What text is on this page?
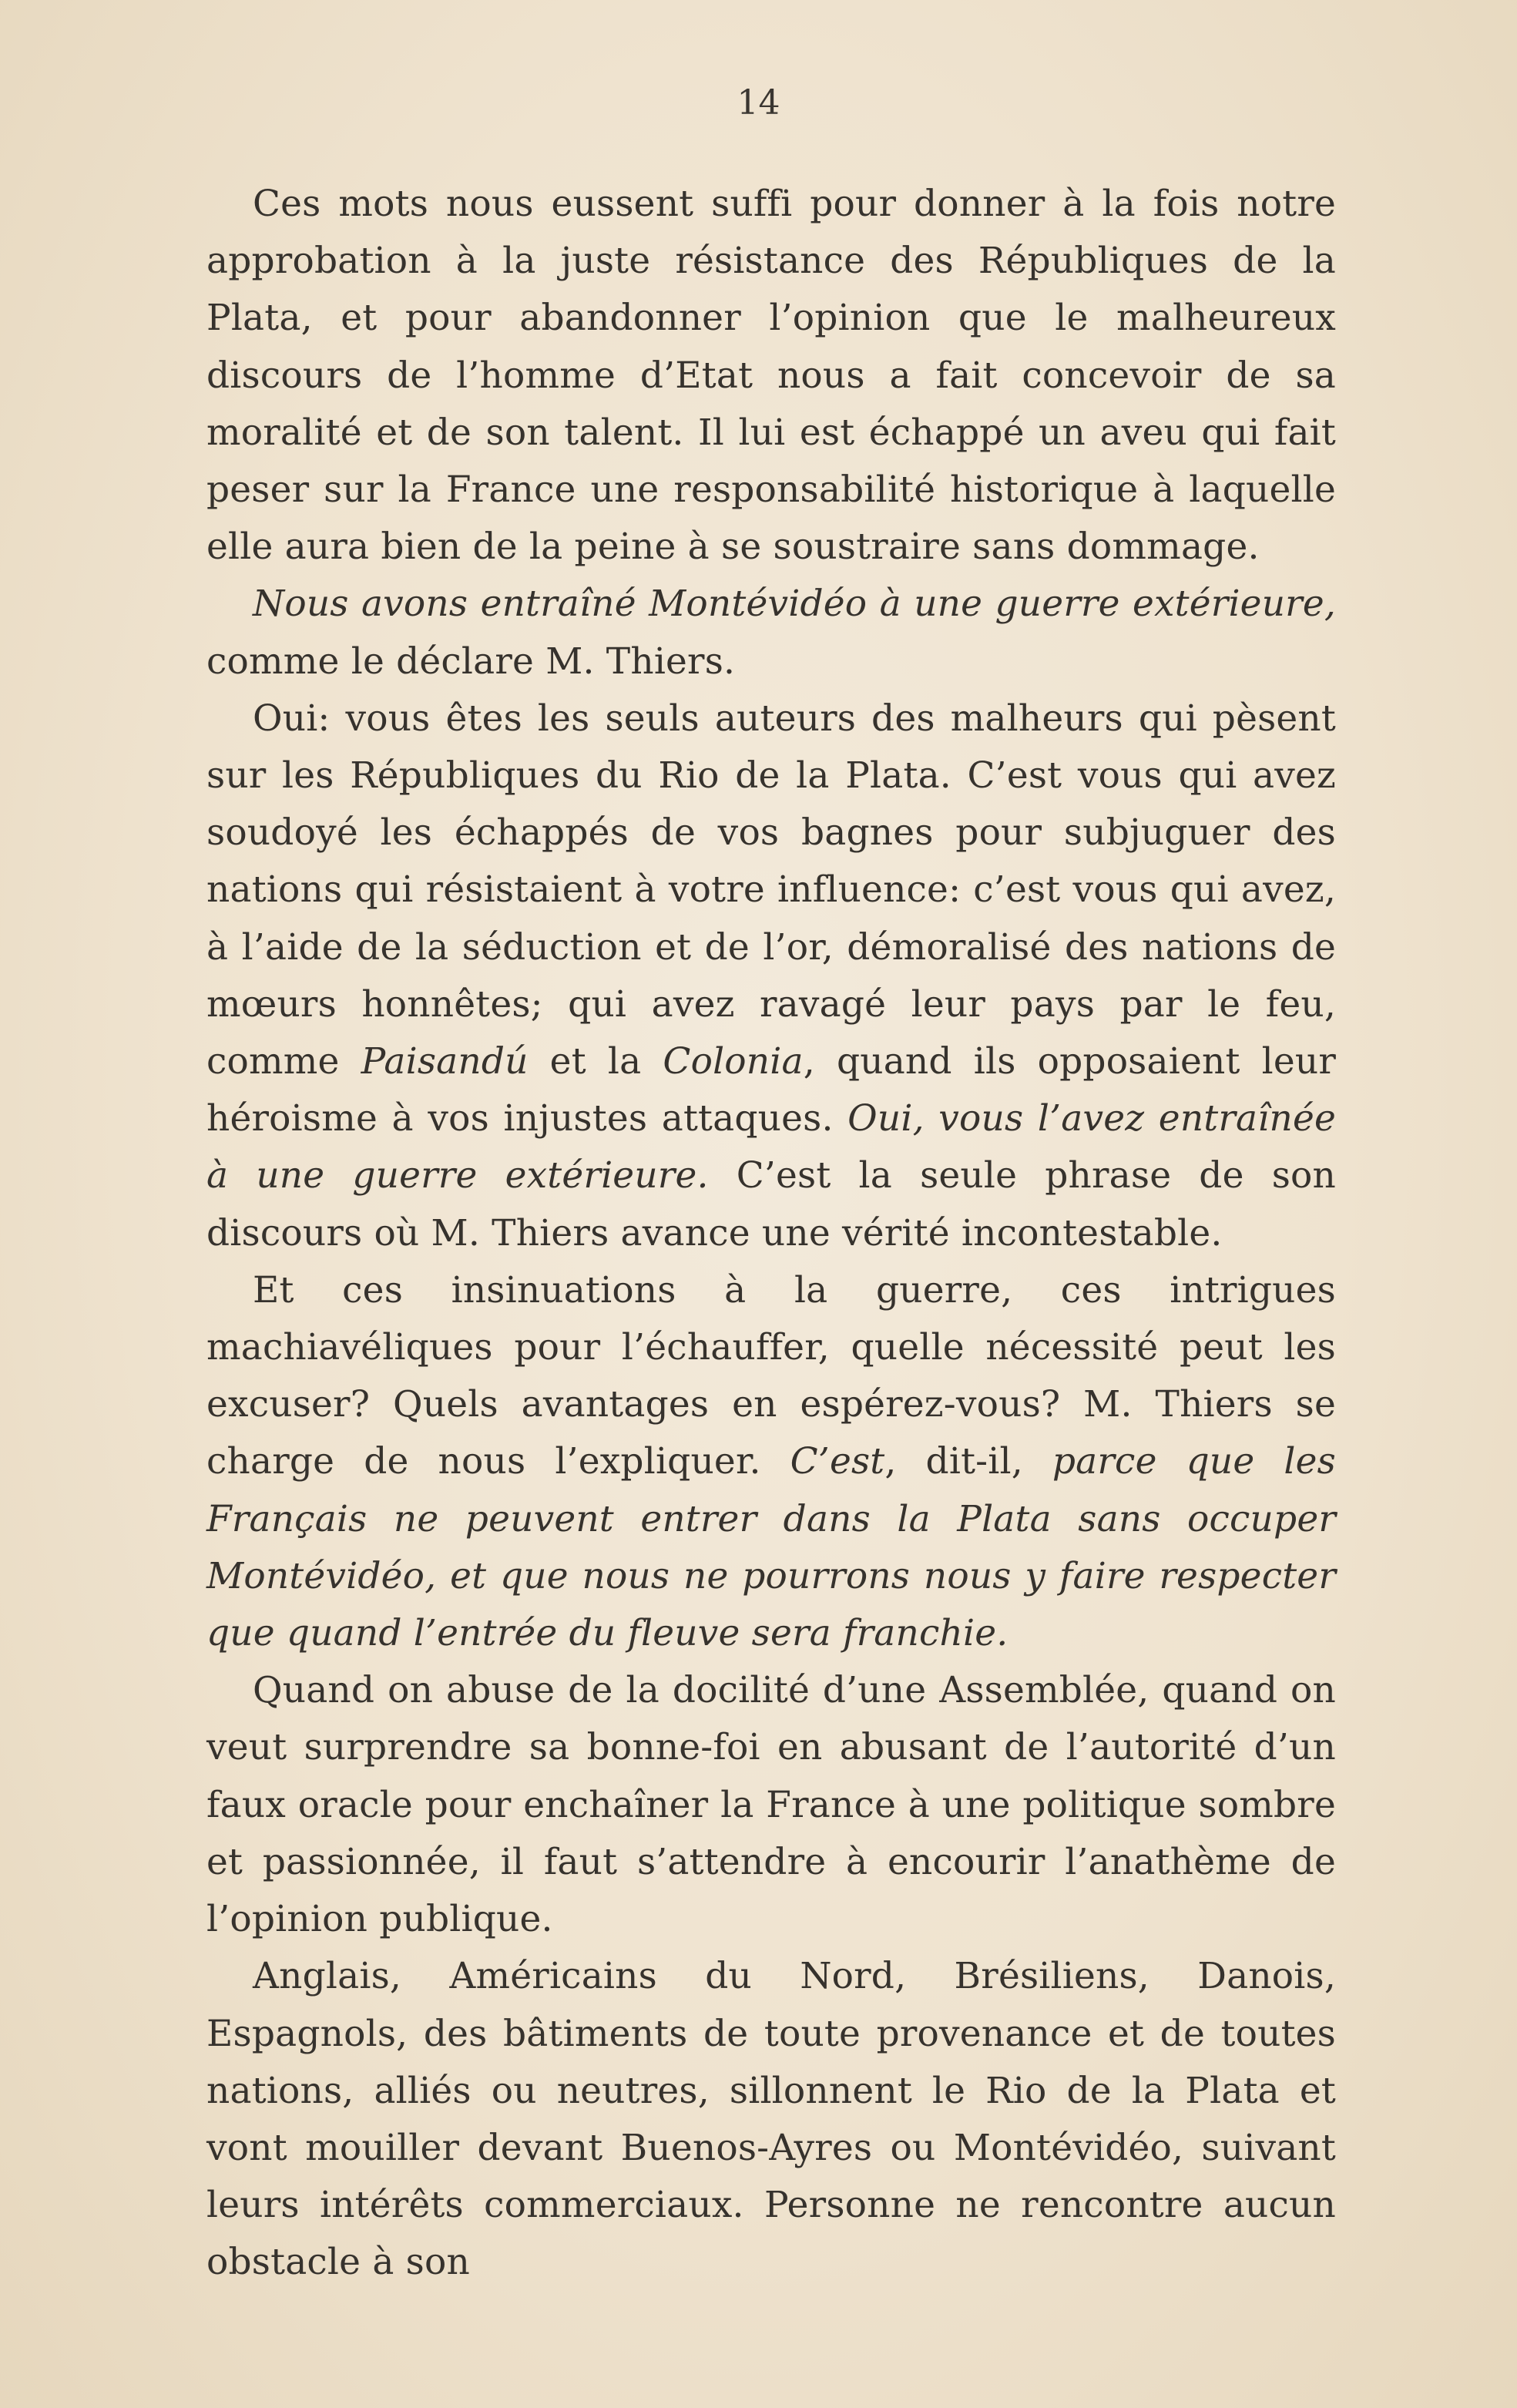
14

Ces mots nous eussent suffi pour donner à la fois notre approbation à la juste résistance des Républiques de la Plata, et pour abandonner l’opinion que le malheureux discours de l’homme d’Etat nous a fait concevoir de sa moralité et de son talent. Il lui est échappé un aveu qui fait peser sur la France une responsabilité historique à laquelle elle aura bien de la peine à se soustraire sans dommage.

Nous avons entraîné Montévidéo à une guerre extérieure, comme le déclare M. Thiers.

Oui: vous êtes les seuls auteurs des malheurs qui pèsent sur les Républiques du Rio de la Plata. C’est vous qui avez soudoyé les échappés de vos bagnes pour subjuguer des nations qui résistaient à votre influence: c’est vous qui avez, à l’aide de la séduction et de l’or, démoralisé des nations de mœurs honnêtes; qui avez ravagé leur pays par le feu, comme Paisandú et la Colonia, quand ils opposaient leur héroisme à vos injustes attaques. Oui, vous l’avez entraînée à une guerre extérieure. C’est la seule phrase de son discours où M. Thiers avance une vérité incontestable.

Et ces insinuations à la guerre, ces intrigues machiavéliques pour l’échauffer, quelle nécessité peut les excuser? Quels avantages en espérez-vous? M. Thiers se charge de nous l’expliquer. C’est, dit-il, parce que les Français ne peuvent entrer dans la Plata sans occuper Montévidéo, et que nous ne pourrons nous y faire respecter que quand l’entrée du fleuve sera franchie.

Quand on abuse de la docilité d’une Assemblée, quand on veut surprendre sa bonne-foi en abusant de l’autorité d’un faux oracle pour enchaîner la France à une politique sombre et passionnée, il faut s’attendre à encourir l’anathème de l’opinion publique.

Anglais, Américains du Nord, Brésiliens, Danois, Espagnols, des bâtiments de toute provenance et de toutes nations, alliés ou neutres, sillonnent le Rio de la Plata et vont mouiller devant Buenos-Ayres ou Montévidéo, suivant leurs intérêts commerciaux. Personne ne rencontre aucun obstacle à son
